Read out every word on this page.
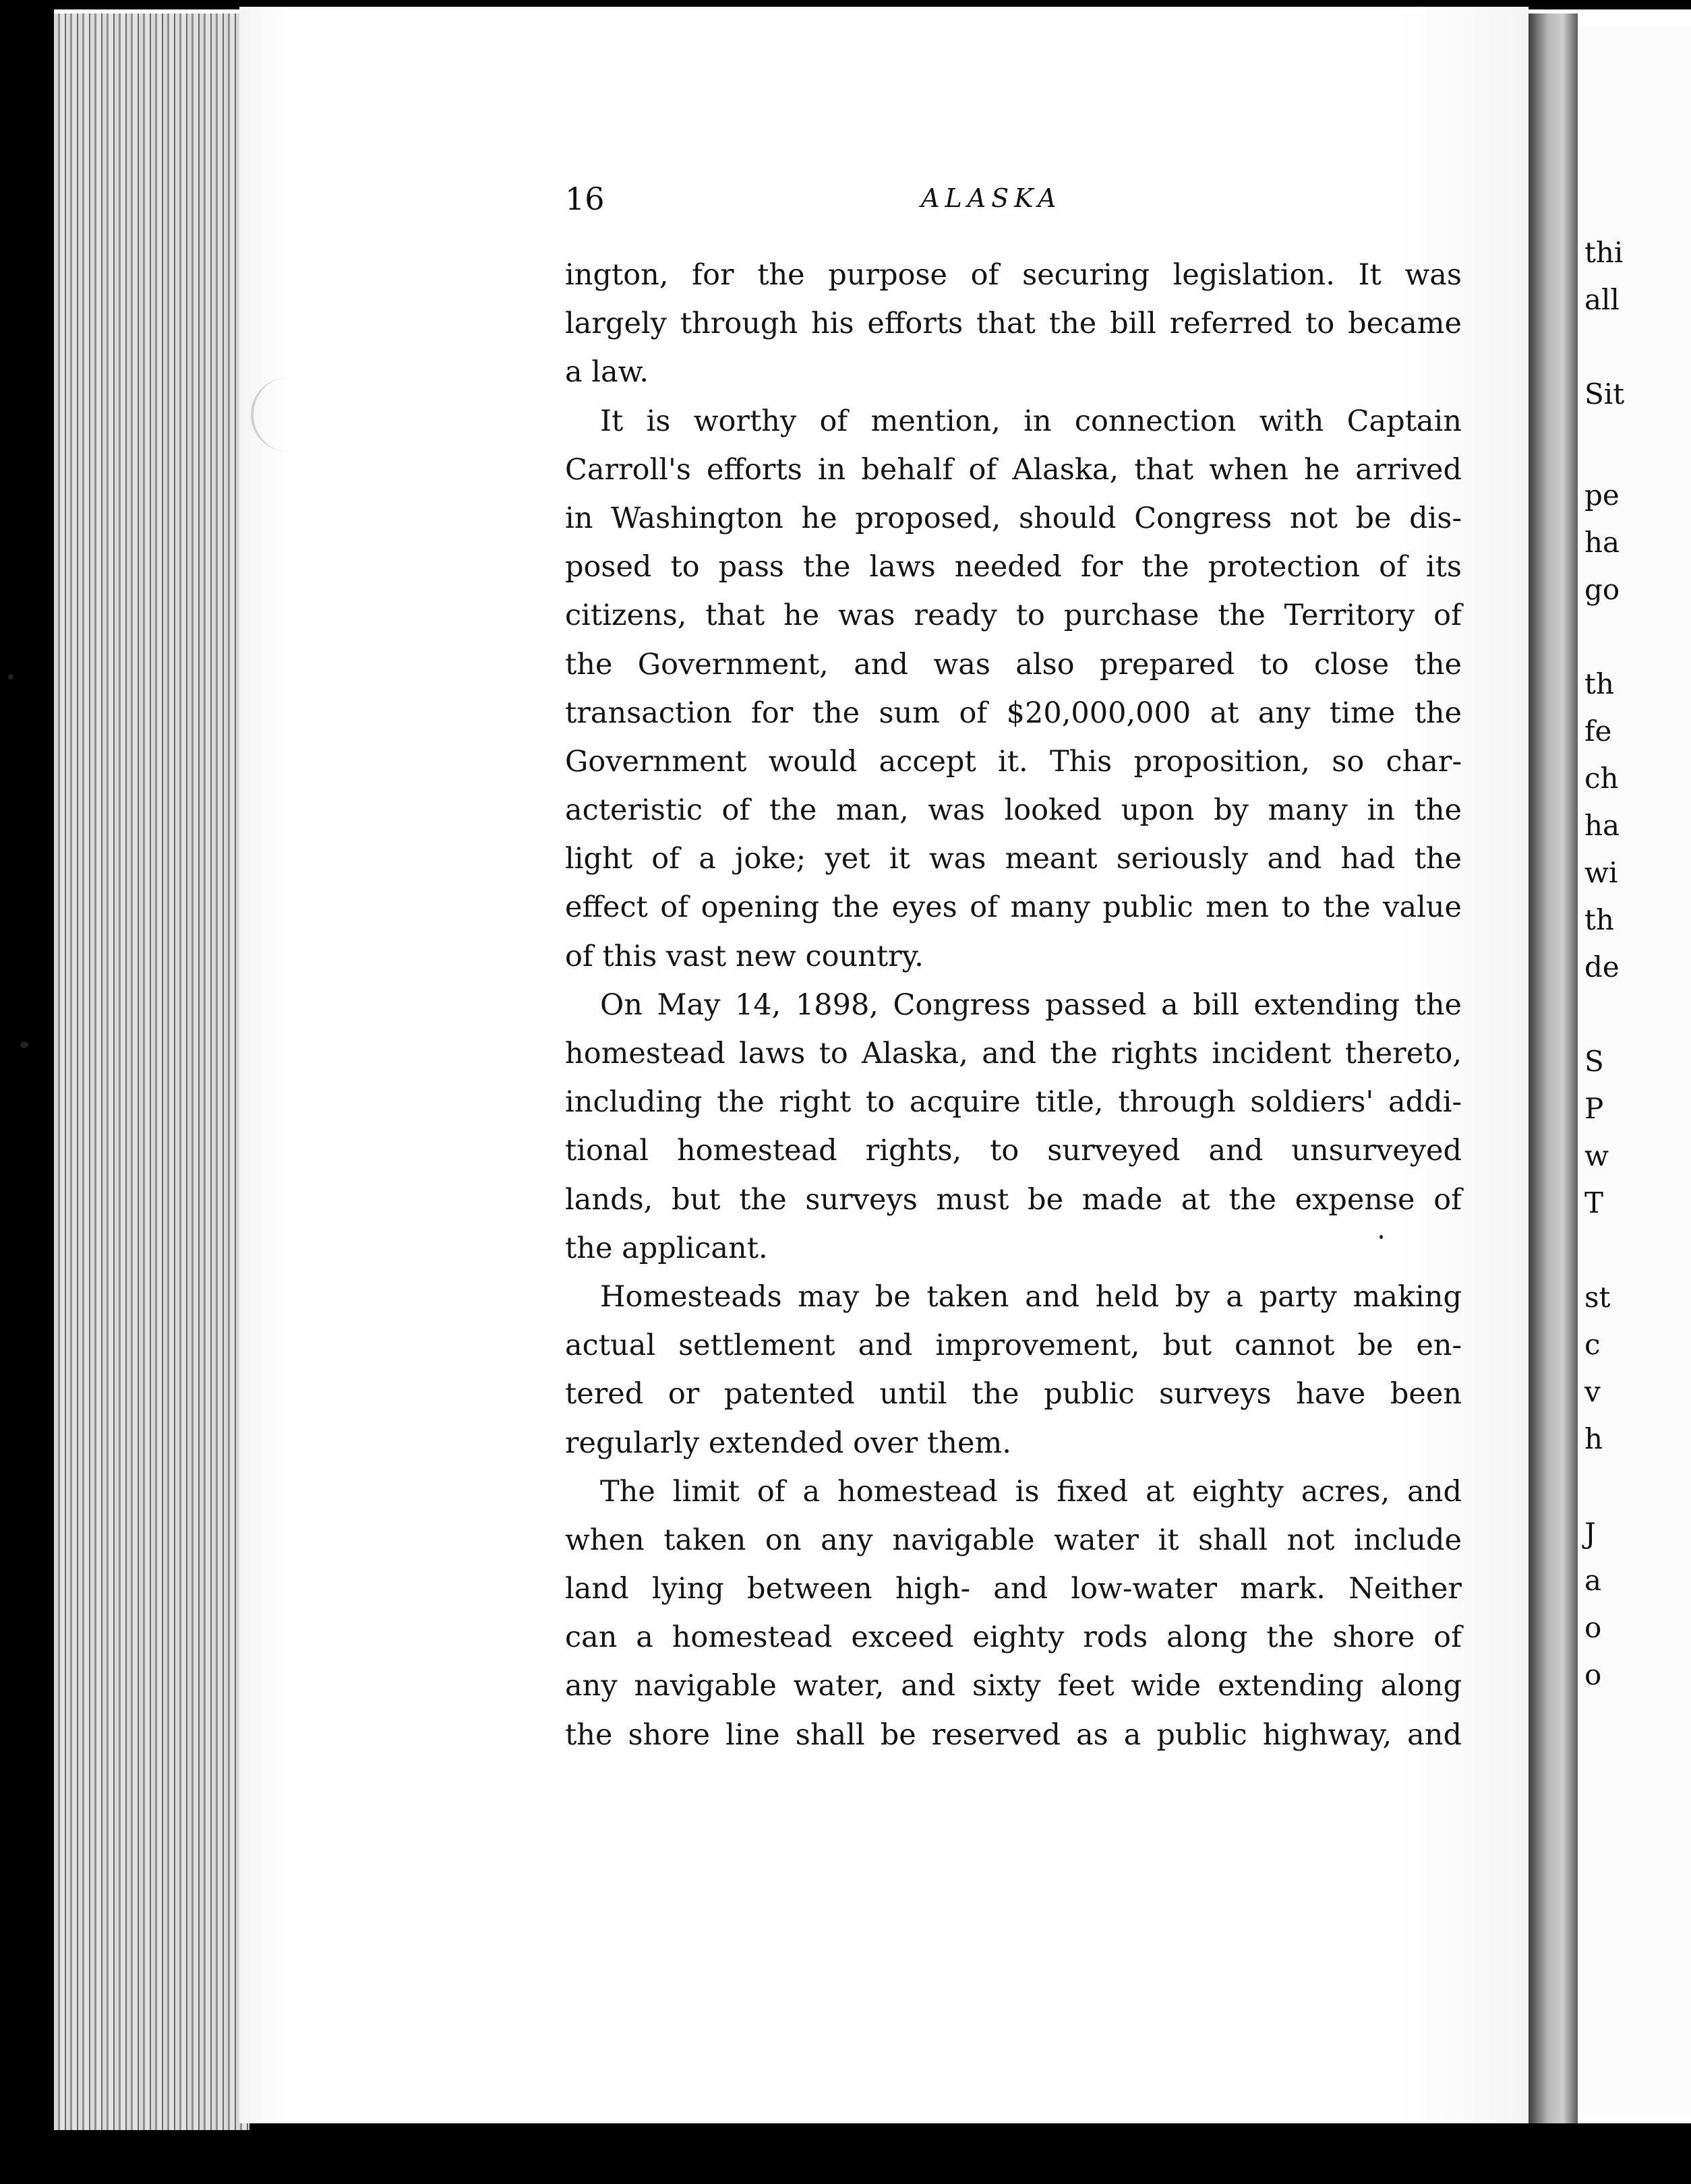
thi
all
Sit
pe
ha
go
th
fe
ch
ha
wi
th
de
S
P
w
T
st
c
v
h
J
a
o
o
16	ALASKA
ington, for the purpose of securing legislation. It was
largely through his efforts that the bill referred to became
a law.
It is worthy of mention, in connection with Captain
Carroll's efforts in behalf of Alaska, that when he arrived
in Washington he proposed, should Congress not be dis-
posed to pass the laws needed for the protection of its
citizens, that he was ready to purchase the Territory of
the Government, and was also prepared to close the
transaction for the sum of $20,000,000 at any time the
Government would accept it. This proposition, so char-
acteristic of the man, was looked upon by many in the
light of a joke; yet it was meant seriously and had the
effect of opening the eyes of many public men to the value
of this vast new country.
On May 14, 1898, Congress passed a bill extending the
homestead laws to Alaska, and the rights incident thereto,
including the right to acquire title, through soldiers' addi-
tional homestead rights, to surveyed and unsurveyed
lands, but the surveys must be made at the expense of
the applicant.
Homesteads may be taken and held by a party making
actual settlement and improvement, but cannot be en-
tered or patented until the public surveys have been
regularly extended over them.
The limit of a homestead is fixed at eighty acres, and
when taken on any navigable water it shall not include
land lying between high- and low-water mark. Neither
can a homestead exceed eighty rods along the shore of
any navigable water, and sixty feet wide extending along
the shore line shall be reserved as a public highway, and
